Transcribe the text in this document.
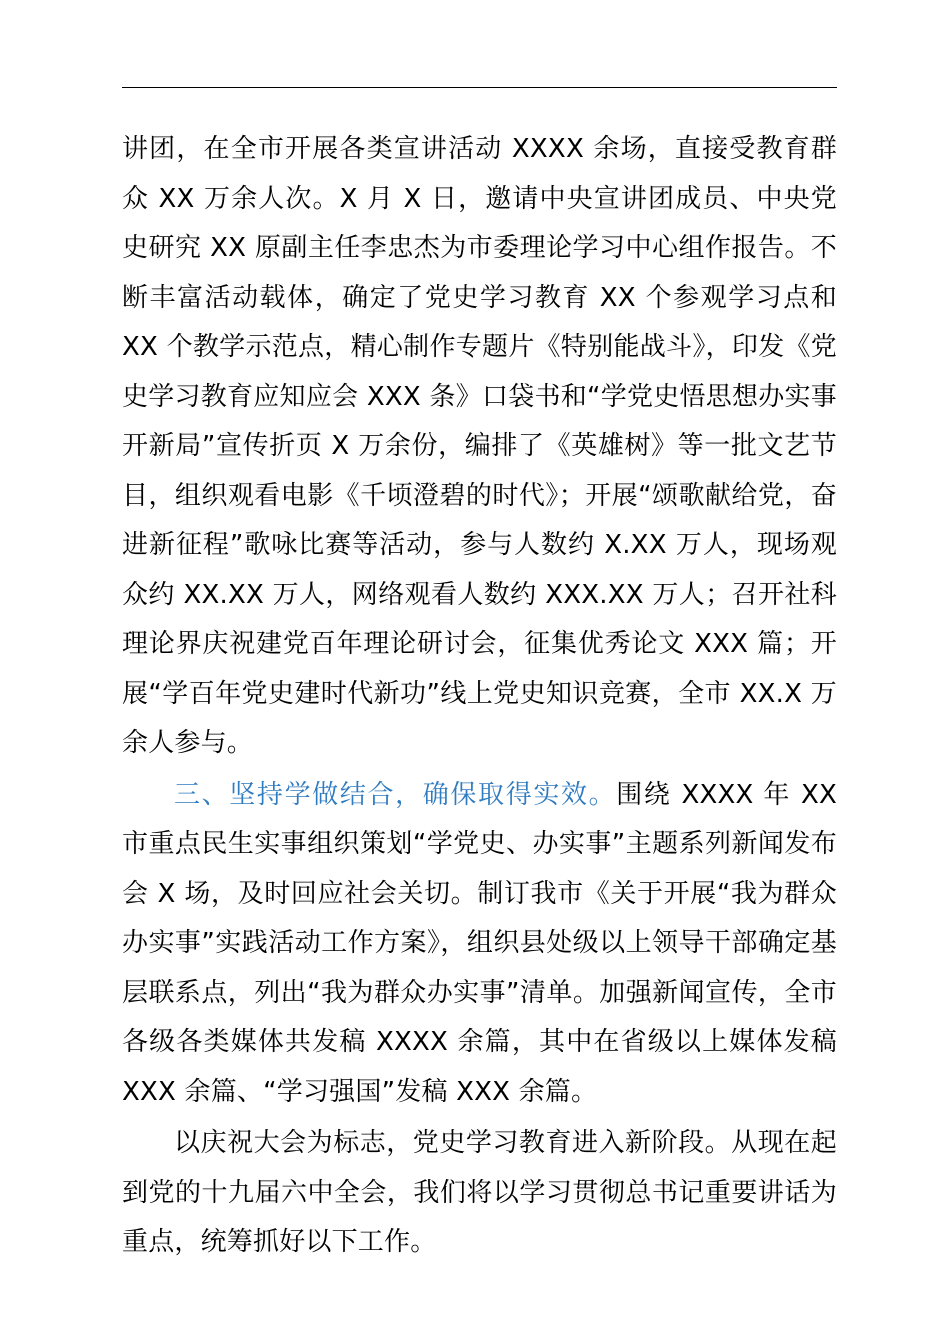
讲团，在全市开展各类宣讲活动 XXXX 余场，直接受教育群众 XX 万余人次。X 月 X 日，邀请中央宣讲团成员、中央党史研究 XX 原副主任李忠杰为市委理论学习中心组作报告。不断丰富活动载体，确定了党史学习教育 XX 个参观学习点和 XX 个教学示范点，精心制作专题片《特别能战斗》，印发《党史学习教育应知应会 XXX 条》口袋书和“学党史悟思想办实事开新局”宣传折页 X 万余份，编排了《英雄树》等一批文艺节目，组织观看电影《千顷澄碧的时代》；开展“颂歌献给党，奋进新征程”歌咏比赛等活动，参与人数约 X.XX 万人，现场观众约 XX.XX 万人，网络观看人数约 XXX.XX 万人；召开社科理论界庆祝建党百年理论研讨会，征集优秀论文 XXX 篇；开展“学百年党史建时代新功”线上党史知识竞赛，全市 XX.X 万余人参与。

三、坚持学做结合，确保取得实效。围绕 XXXX 年 XX 市重点民生实事组织策划“学党史、办实事”主题系列新闻发布会 X 场，及时回应社会关切。制订我市《关于开展“我为群众办实事”实践活动工作方案》，组织县处级以上领导干部确定基层联系点，列出“我为群众办实事”清单。加强新闻宣传，全市各级各类媒体共发稿 XXXX 余篇，其中在省级以上媒体发稿 XXX 余篇、“学习强国”发稿 XXX 余篇。

以庆祝大会为标志，党史学习教育进入新阶段。从现在起到党的十九届六中全会，我们将以学习贯彻总书记重要讲话为重点，统筹抓好以下工作。
